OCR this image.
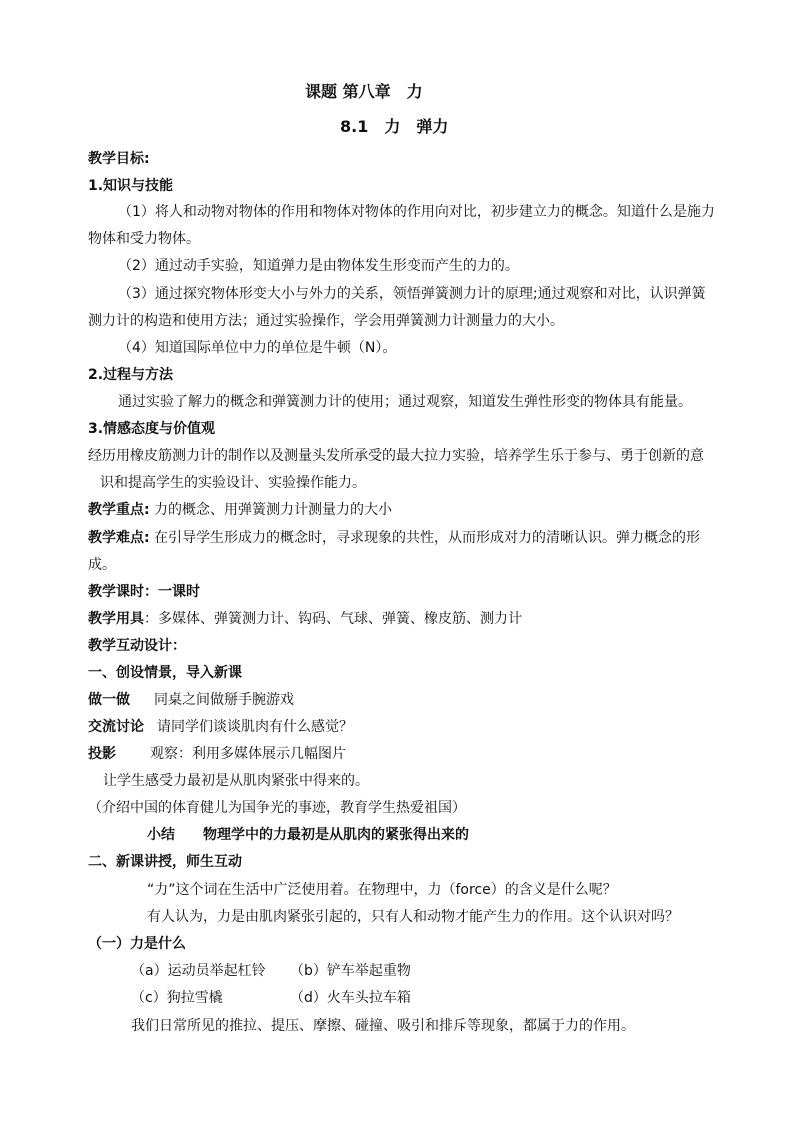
课题 第八章　力
8.1　力　弹力
教学目标:
1.知识与技能
（1）将人和动物对物体的作用和物体对物体的作用向对比，初步建立力的概念。知道什么是施力
物体和受力物体。
（2）通过动手实验，知道弹力是由物体发生形变而产生的力的。
（3）通过探究物体形变大小与外力的关系，领悟弹簧测力计的原理;通过观察和对比，认识弹簧
测力计的构造和使用方法；通过实验操作，学会用弹簧测力计测量力的大小。
（4）知道国际单位中力的单位是牛顿（N）。
2.过程与方法
通过实验了解力的概念和弹簧测力计的使用；通过观察，知道发生弹性形变的物体具有能量。
3.情感态度与价值观
经历用橡皮筋测力计的制作以及测量头发所承受的最大拉力实验，培养学生乐于参与、勇于创新的意
识和提高学生的实验设计、实验操作能力。
教学重点: 力的概念、用弹簧测力计测量力的大小
教学难点: 在引导学生形成力的概念时，寻求现象的共性，从而形成对力的清晰认识。弹力概念的形
成。
教学课时：一课时
教学用具：多媒体、弹簧测力计、钩码、气球、弹簧、橡皮筋、测力计
教学互动设计：
一、创设情景，导入新课
做一做 同桌之间做掰手腕游戏
交流讨论 请同学们谈谈肌肉有什么感觉？
投影 观察：利用多媒体展示几幅图片
让学生感受力最初是从肌肉紧张中得来的。
（介绍中国的体育健儿为国争光的事迹，教育学生热爱祖国）
小结 物理学中的力最初是从肌肉的紧张得出来的
二、新课讲授，师生互动
“力”这个词在生活中广泛使用着。在物理中，力（force）的含义是什么呢？
有人认为，力是由肌肉紧张引起的，只有人和动物才能产生力的作用。这个认识对吗？
（一）力是什么
（a）运动员举起杠铃 （b）铲车举起重物
（c）狗拉雪橇	（d）火车头拉车箱
我们日常所见的推拉、提压、摩擦、碰撞、吸引和排斥等现象，都属于力的作用。
